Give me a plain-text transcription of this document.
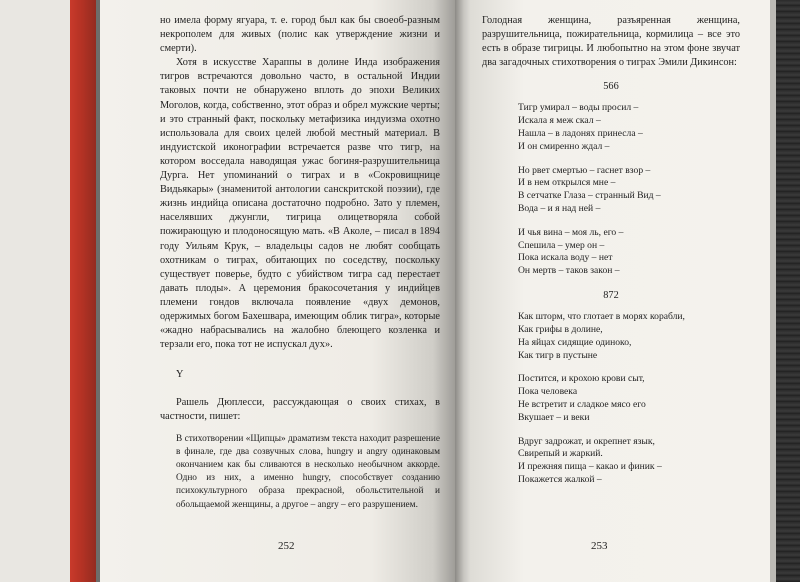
но имела форму ягуара, т. е. город был как бы своеоб-разным некрополем для живых (полис как утверждение жизни и смерти).

Хотя в искусстве Хараппы в долине Инда изображения тигров встречаются довольно часто, в остальной Индии таковых почти не обнаружено вплоть до эпохи Великих Моголов, когда, собственно, этот образ и обрел мужские черты; и это странный факт, поскольку метафизика индуизма охотно использовала для своих целей любой местный материал. В индуистской иконографии встречается разве что тигр, на котором восседала наводящая ужас богиня-разрушительница Дурга. Нет упоминаний о тиграх и в «Сокровищнице Видьякары» (знаменитой антологии санскритской поэзии), где жизнь индийца описана достаточно подробно. Зато у племен, населявших джунгли, тигрица олицетворяла собой пожирающую и плодоносящую мать. «В Аколе, – писал в 1894 году Уильям Крук, – владельцы садов не любят сообщать охотникам о тиграх, обитающих по соседству, поскольку существует поверье, будто с убийством тигра сад перестает давать плоды». А церемония бракосочетания у индийцев племени гондов включала появление «двух демонов, одержимых богом Бахешвара, имеющим облик тигра», которые «жадно набрасывались на жалобно блеющего козленка и терзали его, пока тот не испускал дух».

Y

Рашель Дюплесси, рассуждающая о своих стихах, в частности, пишет:

В стихотворении «Щипцы» драматизм текста находит разрешение в финале, где два созвучных слова, hungry и angry одинаковым окончанием как бы сливаются в несколько необычном аккорде. Одно из них, а именно hungry, способствует созданию психокультурного образа прекрасной, обольстительной и обольщаемой женщины, а другое – angry – его разрушением.

252

Голодная женщина, разъяренная женщина, разрушительница, пожирательница, кормилица – все это есть в образе тигрицы. И любопытно на этом фоне звучат два загадочных стихотворения о тиграх Эмили Дикинсон:

566
Тигр умирал – воды просил –
Искала я меж скал –
Нашла – в ладонях принесла –
И он смиренно ждал –
Но рвет смертью – гаснет взор –
И в нем открылся мне –
В сетчатке Глаза – странный Вид –
Вода – и я над ней –
И чья вина – моя ль, его –
Спешила – умер он –
Пока искала воду – нет
Он мертв – таков закон –
872
Как шторм, что глотает в морях корабли,
Как грифы в долине,
На яйцах сидящие одиноко,
Как тигр в пустыне
Постится, и крохою крови сыт,
Пока человека
Не встретит и сладкое мясо его
Вкушает – и веки
Вдруг задрожат, и окрепнет язык,
Свирепый и жаркий.
И прежняя пища – какао и финик –
Покажется жалкой –
253
